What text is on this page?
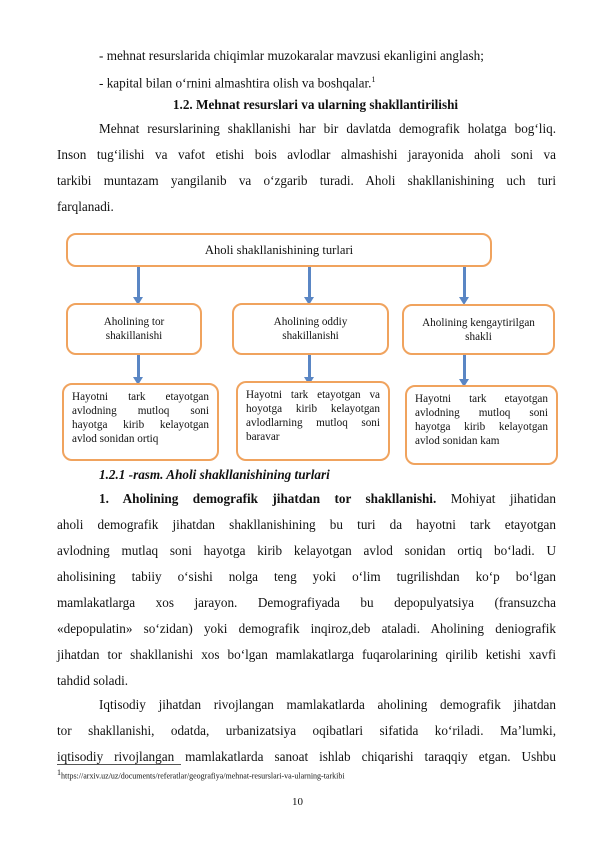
- mehnat resurslarida chiqimlar muzokaralar mavzusi ekanligini anglash;
- kapital bilan o‘rnini almashtira olish va boshqalar.$^1$
1.2. Mehnat resurslari va ularning shakllantirilishi
Mehnat resurslarining shakllanishi har bir davlatda demografik holatga bog‘liq.
Inson tug‘ilishi va vafot etishi bois avlodlar almashishi jarayonida aholi soni va
tarkibi muntazam yangilanib va o‘zgarib turadi. Aholi shakllanishining uch turi
farqlanadi.
Aholi shakllanishining turlari
Aholining tor shakillanishi
Aholining oddiy shakillanishi
Aholining kengaytirilgan shakli
Hayotni tark etayotgan
avlodning mutloq soni
hayotga kirib kelayotgan
avlod sonidan ortiq
Hayotni tark etayotgan va
hoyotga kirib kelayotgan
avlodlarning mutloq soni
baravar
Hayotni tark etayotgan
avlodning mutloq soni
hayotga kirib kelayotgan
avlod sonidan kam
1.2.1 -rasm. Aholi shakllanishining turlari
1. Aholining demografik jihatdan tor shakllanishi. Mohiyat jihatidan
aholi demografik jihatdan shakllanishining bu turi da hayotni tark etayotgan
avlodning mutlaq soni hayotga kirib kelayotgan avlod sonidan ortiq bo‘ladi. U
aholisining tabiiy o‘sishi nolga teng yoki o‘lim tugrilishdan ko‘p bo‘lgan
mamlakatlarga xos jarayon. Demografiyada bu depopulyatsiya (fransuzcha
«depopulatin» so‘zidan) yoki demografik inqiroz,deb ataladi. Aholining deniografik
jihatdan tor shakllanishi xos bo‘lgan mamlakatlarga fuqarolarining qirilib ketishi xavfi
tahdid soladi.
Iqtisodiy jihatdan rivojlangan mamlakatlarda aholining demografik jihatdan
tor shakllanishi, odatda, urbanizatsiya oqibatlari sifatida ko‘riladi. Ma’lumki,
iqtisodiy rivojlangan mamlakatlarda sanoat ishlab chiqarishi taraqqiy etgan. Ushbu
$^1$https://arxiv.uz/uz/documents/referatlar/geografiya/mehnat-resurslari-va-ularning-tarkibi
10
